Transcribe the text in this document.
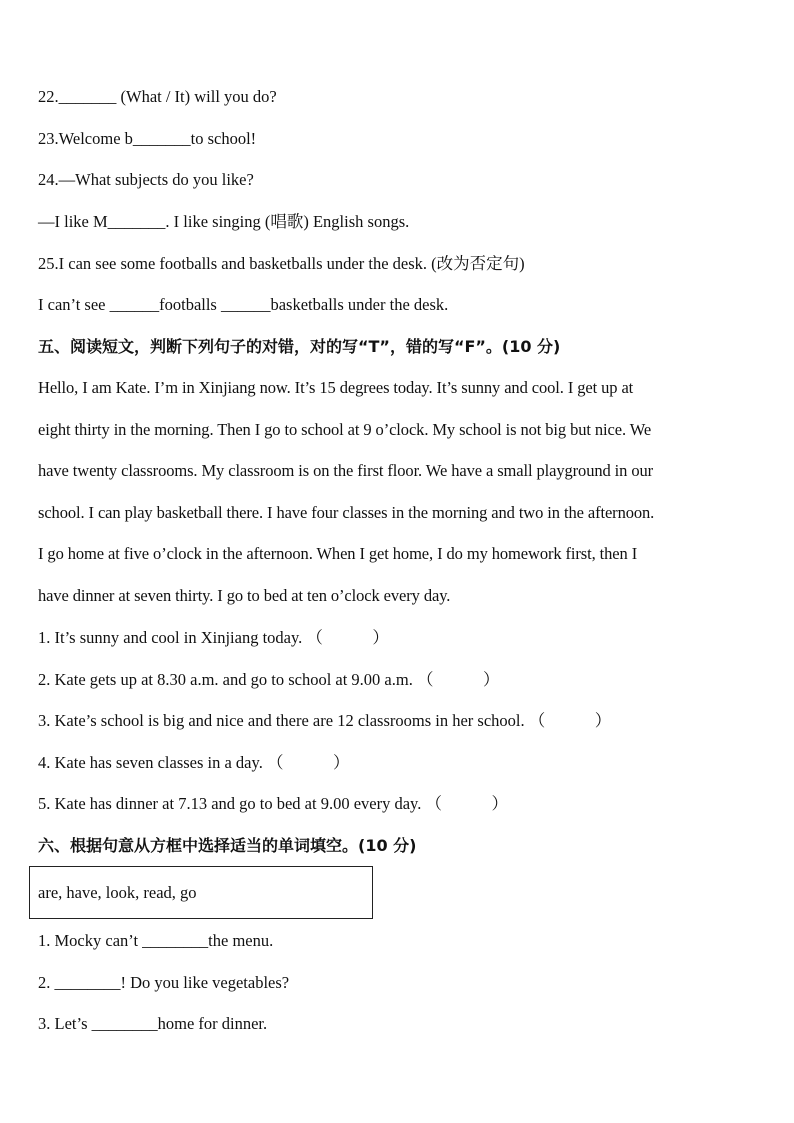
22._______ (What / It) will you do?
23.Welcome b_______to school!
24.—What subjects do you like?
—I like M_______. I like singing (唱歌) English songs.
25.I can see some footballs and basketballs under the desk. (改为否定句)
I can’t see ______footballs ______basketballs under the desk.
五、阅读短文，判断下列句子的对错，对的写“T”，错的写“F”。(10 分)
Hello, I am Kate. I’m in Xinjiang now. It’s 15 degrees today. It’s sunny and cool. I get up at
eight thirty in the morning. Then I go to school at 9 o’clock. My school is not big but nice. We
have twenty classrooms. My classroom is on the first floor. We have a small playground in our
school. I can play basketball there. I have four classes in the morning and two in the afternoon.
I go home at five o’clock in the afternoon. When I get home, I do my homework first, then I
have dinner at seven thirty. I go to bed at ten o’clock every day.
1. It’s sunny and cool in Xinjiang today. （　　　）
2. Kate gets up at 8.30 a.m. and go to school at 9.00 a.m. （　　　）
3. Kate’s school is big and nice and there are 12 classrooms in her school. （　　　）
4. Kate has seven classes in a day. （　　　）
5. Kate has dinner at 7.13 and go to bed at 9.00 every day. （　　　）
六、根据句意从方框中选择适当的单词填空。(10 分)
are, have, look, read, go
1. Mocky can’t ________the menu.
2. ________! Do you like vegetables?
3. Let’s ________home for dinner.
